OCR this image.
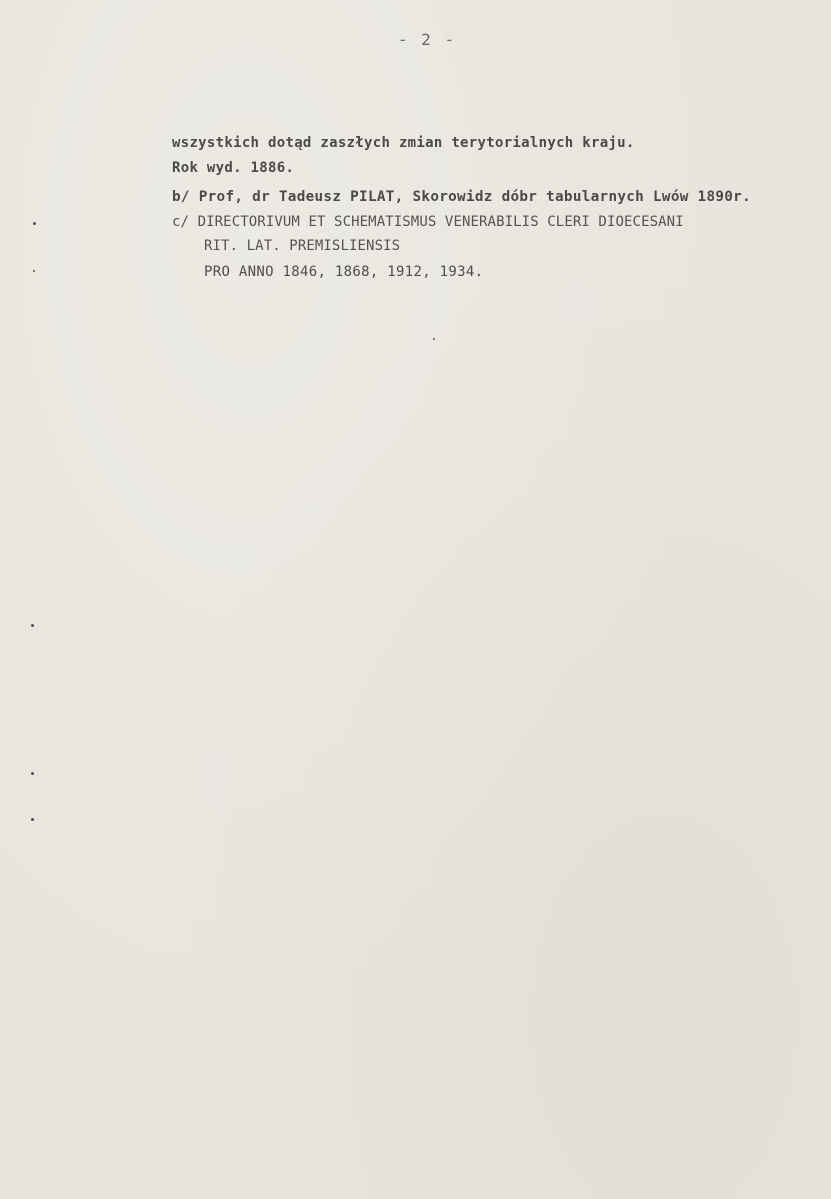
- 2 -
wszystkich dotąd zaszłych zmian terytorialnych kraju.
Rok wyd. 1886.
b/ Prof, dr Tadeusz PILAT, Skorowidz dóbr tabularnych Lwów 1890r.
c/ DIRECTORIVUM ET SCHEMATISMUS VENERABILIS CLERI DIOECESANI
RIT. LAT. PREMISLIENSIS
PRO ANNO 1846, 1868, 1912, 1934.
